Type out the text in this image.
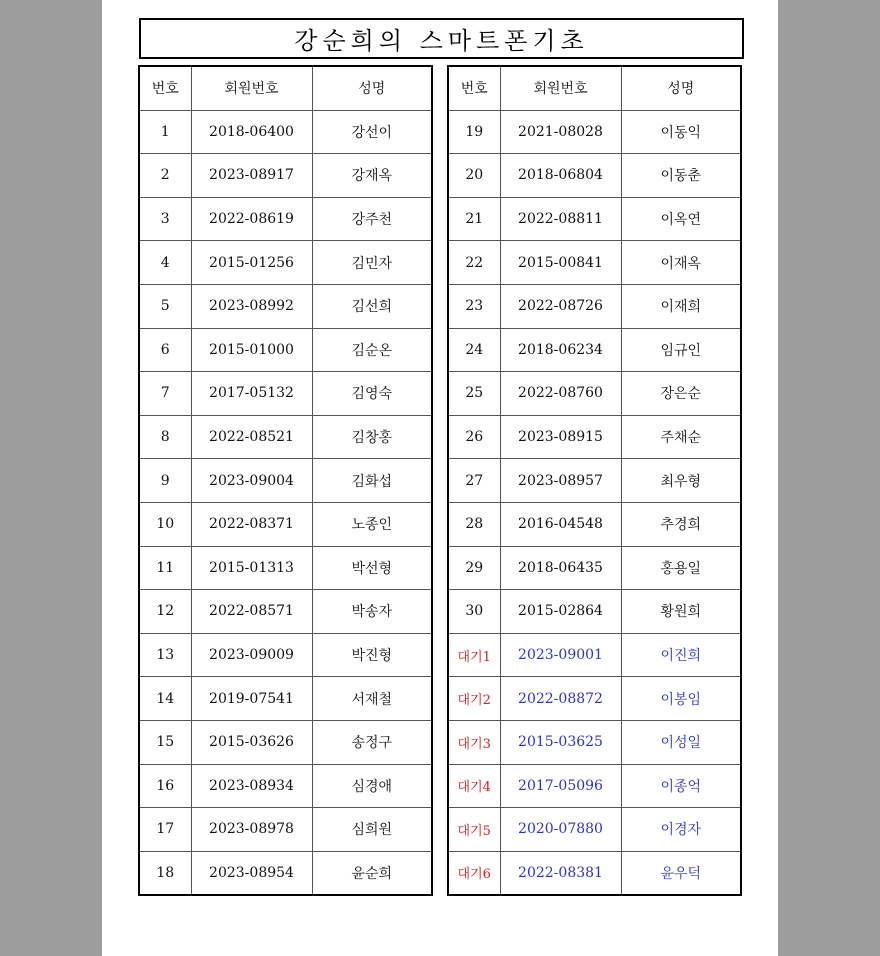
강순희의 스마트폰기초
번호	회원번호	성명
1	2018-06400	강선이
2	2023-08917	강재옥
3	2022-08619	강주천
4	2015-01256	김민자
5	2023-08992	김선희
6	2015-01000	김순온
7	2017-05132	김영숙
8	2022-08521	김창홍
9	2023-09004	김화섭
10	2022-08371	노종인
11	2015-01313	박선형
12	2022-08571	박송자
13	2023-09009	박진형
14	2019-07541	서재철
15	2015-03626	송정구
16	2023-08934	심경애
17	2023-08978	심희원
18	2023-08954	윤순희
번호	회원번호	성명
19	2021-08028	이동익
20	2018-06804	이동춘
21	2022-08811	이옥연
22	2015-00841	이재옥
23	2022-08726	이재희
24	2018-06234	임규인
25	2022-08760	장은순
26	2023-08915	주채순
27	2023-08957	최우형
28	2016-04548	추경희
29	2018-06435	홍용일
30	2015-02864	황원희
대기1	2023-09001	이진희
대기2	2022-08872	이봉임
대기3	2015-03625	이성일
대기4	2017-05096	이종억
대기5	2020-07880	이경자
대기6	2022-08381	윤우덕
